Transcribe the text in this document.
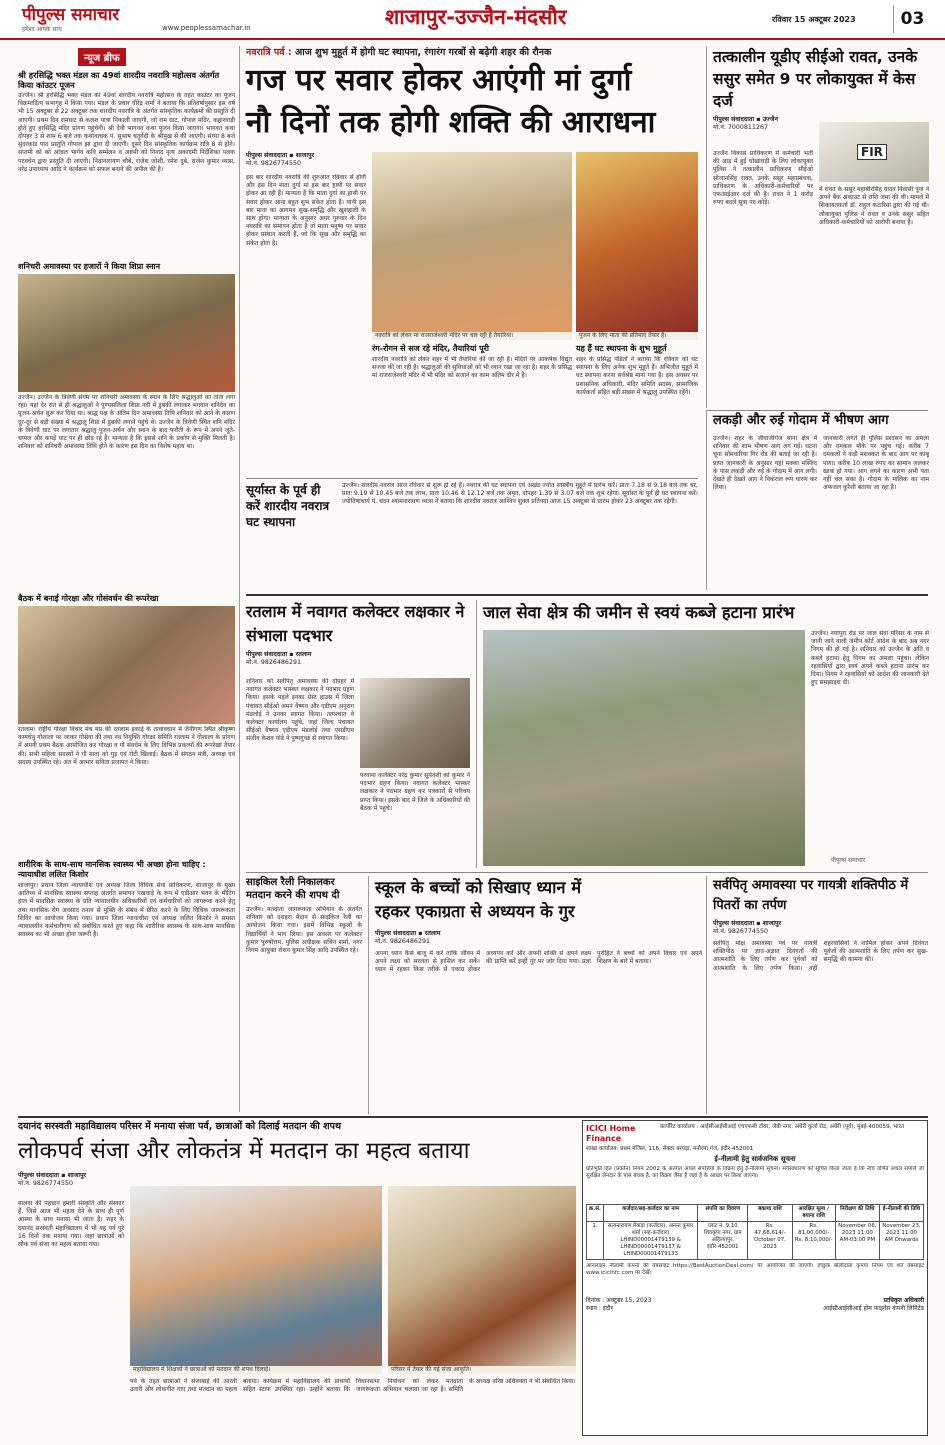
पीपुल्स समाचार
हमेशा आपके साथ	www.peoplessamachar.in	शाजापुर-उज्जैन-मंदसौर	रविवार 15 अक्टूबर 2023	03
न्यूज ब्रीफ
श्री हरसिद्धि भक्त मंडल का 49वां शारदीय नवरात्रि महोत्सव अंतर्गत किया कांउटर पूजन
उज्जैन। श्री हरसिद्धि भक्त मंडल का 49वां शारदीय नवरात्रि महोत्सव के तहत काउंटर का पूजन विक्रमादित्य सभागृह में किया गया। मंडल के प्रचार वीरेंद्र शर्मा ने बताया कि प्रतिवर्षानुसार इस वर्ष भी 15 अक्टूबर से 22 अक्टूबर तक शारदीय नवरात्रि के अंतर्गत सांस्कृतिक कार्यक्रमों की प्रस्तुति दी जाएगी। प्रथम दिन रामघाट से कलश यात्रा निकाली जाएगी, जो राम घाट, गोपाल मंदिर, कहारवाड़ी होते हुए हरसिद्धि मंदिर प्रांगण पहुंचेगी। श्री देवी भागवत कथा पूजन किया जाएगा। भागवत कथा दोपहर 3 से शाम 6 बजे तक कथावाचक पं. सुभाष चतुर्वेदी के श्रीमुख से की जाएगी। संध्या 8 बजे सुंदरकांड पाठ प्रस्तुति गोपाल झा द्वारा दी जाएगी। दूसरे दिन सांस्कृतिक कार्यक्रम रात्रि 8 से होंगे। सप्तमी को को आंचल भार्गव कवि सम्मेलन व अष्टमी को निनाद नृत्य अकादमी निर्देशिका पलक पटवर्धन द्वारा प्रस्तुति दी जाएगी। नितानारायण चौबे, राजेश जोशी, रमेश दुबे, राजेश कुमार व्यास, नरेंद्र उपाध्याय आदि ने कार्यक्रम को सफल बनाने की अपील की है।
शनिचरी अमावस्या पर हजारों ने किया शिप्रा स्नान
उज्जैन। उज्जैन के त्रिवेणी संगम पर शनिचरी अमावस्या के स्नान के लिए श्रद्धालुओं का तांता लगा रहा। यहां देर रात से ही श्रद्धालुओं ने पुण्यसलिला शिप्रा नदी में डुबकी लगाकर भगवान शनिदेव का पूजन-अर्चन शुरू कर दिया था। श्राद्ध पक्ष के अंतिम दिन अमावस्या तिथि शनिवार को आने के कारण दूर-दूर से बड़ी संख्या में श्रद्धालु शिप्रा में डुबकी लगाने पहुंचे थे। उज्जैन के त्रिवेणी स्थित शनि मंदिर के त्रिवेणी घाट पर लगातार श्रद्धालु पूजन-अर्चन और स्नान के बाद पनौती के रूप में अपने जूते-चप्पल और कपड़े घाट पर ही छोड़ रहे हैं। मान्यता है कि इससे शनि के प्रकोप से मुक्ति मिलती है। शनिवार को शनिचरी अमावस्या तिथि होने के कारण इस दिन का विशेष महत्व था।
बैठक में बनाई गोरक्षा और गोसंवर्धन की रूपरेखा
रतलाम। राष्ट्रीय गोरक्षा विचार मंच मप्र की रतलाम इकाई के तत्वावधान में जैनीगण स्थित श्रीकृष्ण कामधेनु गोशाला पर जाकर गोसेवा की तथा नव नियुक्ति गोरक्षा समिति रतलाम ने गोशाला के प्रांगण में अपनी प्रथम बैठक आयोजित कर गोरक्षा व गो संवर्धन के लिए विभिन्न प्रकल्पों की रूपरेखा तैयार की। सभी महिला सदस्यों ने गौ माता को गुड़ एवं रोटी खिलाई। बैठक में संगठन मंत्री, अध्यक्ष एवं सदस्य उपस्थित रहे। अंत में आभार सविता प्रजापत ने किया।
शारीरिक के साथ-साथ मानसिक स्वास्थ्य भी अच्छा होना चाहिए : न्यायाधीश ललित किशोर
शाजापुर। प्रधान जिला न्यायाधीश एवं अध्यक्ष जिला विधिक सेवा प्राधिकरण, शाजापुर के मुख्य आतिथ्य में मानसिक स्वास्थ्य सप्ताह अंतर्गत समापन पखवाड़े के रूप में एडीआर भवन के मीटिंग हाल में मानसिक स्वास्थ्य के प्रति न्यायालयीन अधिकारियों एवं कर्मचारियों को जागरूक करने हेतु तथा मानसिक रोग अवसाद तनाव से मुक्ति के संबंध में प्रेरित करने के लिए विधिक जागरूकता शिविर का आयोजन किया गया। प्रधान जिला न्यायाधीश एवं अध्यक्ष ललित किशोर ने समस्त न्यायालयीन कर्मचारीगण को संबोधित करते हुए कहा कि शारीरिक स्वास्थ्य के साथ-साथ मानसिक स्वास्थ्य का भी अच्छा होना जरूरी है।
नवरात्रि पर्व : आज शुभ मुहूर्त में होगी घट स्थापना, रंगारंग गरबों से बढ़ेगी शहर की रौनक
गज पर सवार होकर आएंगी मां दुर्गा
नौ दिनों तक होगी शक्ति की आराधना
पीपुल्स संवाददाता ▪ शाजापुर
मो.नं. 9826774550
इस बार शारदीय नवरात्रि की शुरुआत रविवार से होगी और इस दिन माता दुर्गा मां इस बार हाथी पर सवार होकर आ रही हैं। मान्यता है कि माता दुर्गा का हाथी पर सवार होकर आना बहुत शुभ संकेत होता है। यानी इस बार माता का आगमन सुख-समृद्धि और खुशहाली के साथ होगा। मान्यता के अनुसार अगर गुरुवार के दिन नवरात्रि का समापन होता है तो माता मनुष्य पर सवार होकर प्रस्थान करती हैं, जो कि सुख और समृद्धि का संकेत होता है।
नवरात्रि को लेकर मां राजराजेश्वरी मंदिर पर चल रही है तैयारियां।	पूजन के लिए माता की प्रतिमाएं तैयार हैं।
रंग-रोगन से सज रहे मंदिर, तैयारियां पूरी
शारदीय नवरात्रि को लेकर शहर में भी तैयारियां की जा रही हैं। मंदिरों पर आकर्षक विद्युत सज्जा की जा रही है। श्रद्धालुओं की सुविधाओं को भी ध्यान रखा जा रहा है। शहर के प्रसिद्ध मां राजराजेश्वरी मंदिर में भी मंदिर को सजाने का काम अंतिम दौर में है।
यह हैं घट स्थापना के शुभ मुहूर्त
शहर के प्रसिद्ध पंडितों ने बताया कि रविवार को घट स्थापना के लिए अनेक शुभ मुहूर्त हैं। अभिजीत मुहूर्त में घट स्थापना करना सर्वश्रेष्ठ माना गया है। इस अवसर पर प्रशासनिक अधिकारी, मंदिर समिति सदस्य, सामाजिक कार्यकर्ता सहित बड़ी संख्या में श्रद्धालु उपस्थित रहेंगे।
सूर्यास्त के पूर्व ही करें शारदीय नवरात्र घट स्थापना
उज्जैन। शारदीय नवरात्र आज रविवार से शुरू हो रहे हैं। नवरात्र की घट स्थापना एवं अखंड ज्योत शास्त्रीय मुहूर्त में प्रारंभ करें। प्रातः 7.18 से 9.18 बजे तक चर, प्रातः 9.19 से 10.45 बजे तक लाभ, प्रातः 10.46 से 12.12 बजे तक अमृत, दोपहर 1.39 से 3.07 बजे तक शुभ रहेगा। सूर्यास्त के पूर्व ही घट स्थापना करें। ज्योतिषाचार्य पं. चंदन श्यामनारायण व्यास ने बताया कि शारदीय नवरात्र आश्विन शुक्ल प्रतिपदा आज 15 अक्टूबर से प्रारंभ होकर 23 अक्टूबर तक रहेगी।
तत्कालीन यूडीए सीईओ रावत, उनके ससुर समेत 9 पर लोकायुक्त में केस दर्ज
पीपुल्स संवाददाता ▪ उज्जैन
मो.नं. 7000811267
उज्जैन विकास प्राधिकरण में कर्मचारी भर्ती की आड़ में हुई धोखाधड़ी के लिए लोकायुक्त पुलिस ने तत्कालीन प्राधिकरण सीईओ सोजानसिंह रावत, उनके ससुर महाप्रबंधक, प्राधिकरण के अधिकारी-कर्मचारियों पर एफआईआर दर्ज की है। रावत ने 1 करोड़ रुपए बदले सूत्रा पद कोड़े।
FIR
में रावत के ससुर महाबीरसिंह यादव निवासी पूना ने अपने बैंक अकाउंट से राशि जमा की थी। मामले में शिकायतकर्ता डॉ. राहुल कटारिया द्वारा की गई थी। लोकायुक्त पुलिस ने रावत व उनके ससुर सहित अधिकारी-कर्मचारियों को आरोपी बनाया है।
लकड़ी और रुई गोदाम में भीषण आग
उज्जैन। शहर के जीवाजीगंज थाना क्षेत्र में शनिवार की शाम भीषण आग लग गई। घटना चूना सोमवारिया गिर रोड की बताई जा रही है। प्राप्त जानकारी के अनुसार यहां मक्का मस्जिद के पास लकड़ी और रुई के गोदाम में आग लगी। देखते ही देखते आग ने विकराल रूप धारण कर लिया।
जानकारी लगते ही पुलिस प्रशासन का अमला और दमकल मौके पर पहुंच गई। करीब 7 दमकलों ने कड़ी मशक्कत के बाद आग पर काबू पाया। करीब 10 लाख रुपए का सामान जलकर खाक हो गया। आग लगने का कारण अभी पता नहीं चल सका है। गोदाम के मालिक का नाम अफजल कुरैशी बताया जा रहा है।
रतलाम में नवागत कलेक्टर लक्षकार ने संभाला पदभार
पीपुल्स संवाददाता ▪ रतलाम
मो.नं. 9826486291
शनिवार को सर्वपितृ अमावस्या की दोपहर में नवागत कलेक्टर भास्कर लक्षकार ने पदभार ग्रहण किया। इसके पहले इनका ग्रेस्ट हाउस में जिला पंचायत सीईओ अमन वैष्णव और एडीएम अनुराग मंडलोई ने उनका स्वागत किया। तत्पश्चात वे कलेक्टर कार्यालय पहुंचे, जहां जिला पंचायत सीईओ वैष्णव एडीएम मंडलोई तथा एसडीएम संजीव केशव पांडे ने पुष्पगुच्छ से स्वागत किया।
परवाना कलेक्टर नरेंद्र कुमार सूर्यवंशी को कुमार ने पदभार ग्रहण किया। नवागत कलेक्टर भास्कर लक्षकार ने पदभार ग्रहण कर पत्रकारों से परिचय प्राप्त किया। इसके बाद में जिले के अधिकारियों की बैठक में पहुंचे।
जाल सेवा क्षेत्र की जमीन से स्वयं कब्जे हटाना प्रारंभ
उज्जैन। नयापुरा रोड पर जाल सेवा परिसर के नाम से जानी जाने वाली जमीन कोर्ट आदेश के बाद अब नगर निगम की हो गई है। शनिवार को उज्जैन के अति व कब्जे हटाना हेतु निगम का अमला पहुंचा। लेकिन रहवासियों द्वारा स्वयं अपने कब्जे हटाना प्रारंभ कर दिया। निगम ने रहवासियों को आदेश की जानकारी देते हुए समझाइश दी।
पीपुल्स समाचार
साइकिल रैली निकालकर मतदान करने की शपथ दी
उज्जैन। मतदाता जागरूकता अभियान के अंतर्गत शनिवार को दशहरा मैदान से साइकिल रैली का आयोजन किया गया। इसमें विभिन्न स्कूलों के विद्यार्थियों ने भाग लिया। इस अवसर पर कलेक्टर कुमार पुरुषोत्तम, पुलिस अधीक्षक सचिन शर्मा, नगर निगम आयुक्त रोशन कुमार सिंह आदि उपस्थित रहे।
स्कूल के बच्चों को सिखाए ध्यान में
रहकर एकाग्रता से अध्ययन के गुर
पीपुल्स संवाददाता ▪ रतलाम
मो.नं. 9826486291
अपना ध्यान कैसे बाजू में करें ताकि जीवन में अपने लक्ष्य को सरलता से हासिल कर सकें। ध्यान में रहकर किस तरीके से एकाग्र होकर अध्ययन करें और अपनी शक्ति से अपने लक्ष्य की प्राप्ति करें इन्हीं गुर पर जोर दिया गया। प्रज्ञा पुरोहित ने बच्चों को अपने विचार एवं अपने शिक्षण के बारे में बताया।
सर्वपितृ अमावस्या पर गायत्री शक्तिपीठ में पितरों का तर्पण
पीपुल्स संवाददाता ▪ शाजापुर
मो.नं. 9826774550
सर्वपितृ मोक्ष अमावस्या पर्व पर गायत्री शक्तिपीठ पर ज्ञात-अज्ञात दिवंगतों की आत्मशांति के लिए तर्पण कर पूर्वजों को आत्मशांति के लिए तर्पण किया। वहीं शहरवासियों ने शामिल होकर अपने दिवंगत पूर्वजों की आत्मशांति के लिए तर्पण कर सुख-समृद्धि की कामना की।
दयानंद सरस्वती महाविद्यालय परिसर में मनाया संजा पर्व, छात्राओं को दिलाई मतदान की शपथ
लोकपर्व संजा और लोकतंत्र में मतदान का महत्व बताया
पीपुल्स संवाददाता ▪ शाजापुर
मो.नं. 9826774550
मालवा की पहचान हमारी संस्कृति और संस्कार हैं, जिसे आज भी महत्व देने के साथ ही पूर्ण आस्था के साथ मनाया भी जाता है। शहर के दयानंद सरस्वती महाविद्यालय में भी यह पर्व पूरे 16 दिनों तक मनाया गया। जहां छात्राओं को लोक पर्व संजा का महत्व बताया गया।
महाविद्यालय में शिक्षकों ने छात्राओं को मतदान की शपथ दिलाई।	परिसर में तैयार की गई संजा आकृति।
पर्व के तहत छात्राओं ने संजाबाई की आरती उतारी और लोकगीत गाए तथा मतदान का महत्व बताया। कार्यक्रम में महाविद्यालय की प्राचार्या सहित स्टाफ उपस्थित रहा। उन्होंने बताया कि विधानसभा निर्वाचन को लेकर मतदाता जागरूकता अभियान चलाया जा रहा है। समिति के अध्यक्ष वरिष्ठ अधिवक्ता ने भी संबोधित किया।
ICICI Home Finance
कार्पोरेट कार्यालय : आईसीआईसीआई एचएफसी टॉवर, जेबी नगर, अंधेरी कुर्ला रोड, अंधेरी (पूर्व), मुंबई-400059, भारत
शाखा कार्यालय: प्रथम मंजिल, 116, सेक्टर बरपड़ा, मनोरमा गंज, इंदौर-452001
ई-नीलामी हेतु सार्वजनिक सूचना
प्रतिभूति हित (प्रवर्तन) नियम 2002 के अंतर्गत अचल संपत्तियों के विक्रय हेतु ई-नीलामी सूचना। सर्वसाधारण को सूचित किया जाता है कि नीचे वर्णित अचल संपत्ति जो सुरक्षित लेनदार के पास बंधक है, का विक्रय जैसा है जहां है के आधार पर किया जाएगा।
क्र.सं.	कर्जदार/सह-कर्जदार का नाम	संपत्ति का विवरण	बकाया राशि	आरक्षित मूल्य / बयाना राशि	निरीक्षण की तिथि	ई-नीलामी की तिथि
1.	सत्यनारायण मेवाड़ा (कर्जदार), अनन्त कुमार शर्मा (सह-कर्जदार) LHIND00001479139 & LHIND00001479137 & LHIND00001479133	प्लाट नं. 9,10 शिवकृपा नगर, ग्राम अहिल्यापुर, इंदौर-452001	Rs. 47,68,614/- October 07, 2023	Rs. 81,00,000/- Rs. 8,10,000/-	November 06, 2023 11:00 AM-03:00 PM	November 23, 2023 11:00 AM Onwards
ऑनलाइन नीलामी कंपनी की वेबसाइट https://BestAuctionDeal.com/ पर आयोजित की जाएगी। इच्छुक बोलीदाता कृपया नियम एवं शर्तें वेबसाइट www.icicihfc.com पर देखें।
दिनांक : अक्टूबर 15, 2023
स्थान : इंदौर
प्राधिकृत अधिकारी
आईसीआईसीआई होम फाइनेंस कंपनी लिमिटेड
